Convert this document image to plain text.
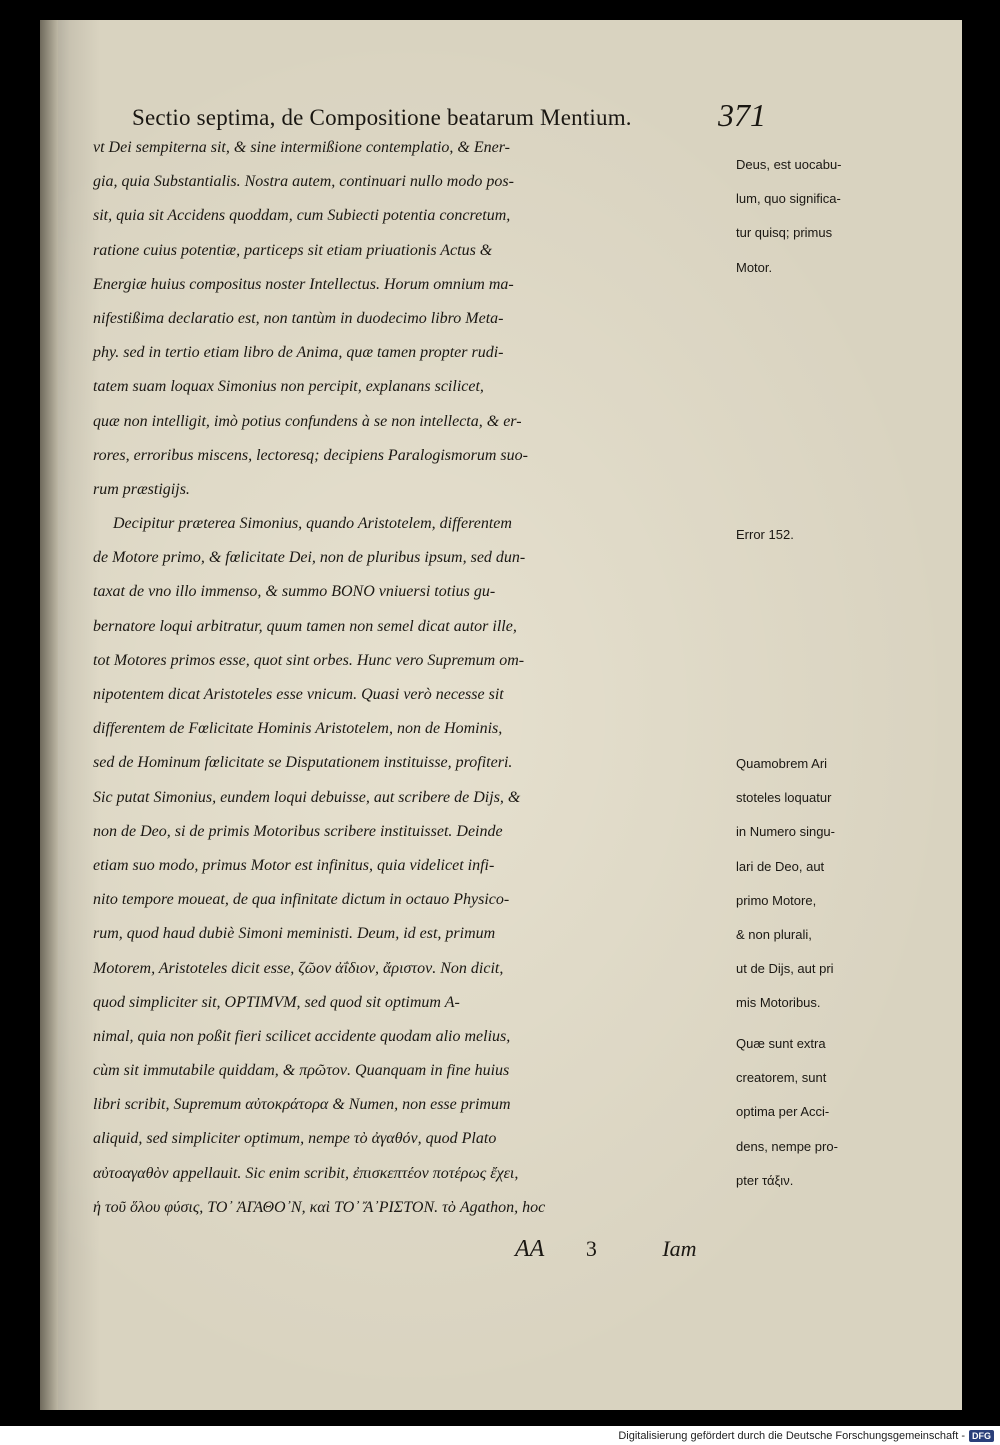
Sectio septima, de Compositione beatarum Mentium.	371
vt Dei sempiterna sit, & sine intermißione contemplatio, & Ener-
gia, quia Substantialis. Nostra autem, continuari nullo modo pos-
sit, quia sit Accidens quoddam, cum Subiecti potentia concretum,
ratione cuius potentiæ, particeps sit etiam priuationis Actus &
Energiæ huius compositus noster Intellectus. Horum omnium ma-
nifestißima declaratio est, non tantùm in duodecimo libro Meta-
phy. sed in tertio etiam libro de Anima, quæ tamen propter rudi-
tatem suam loquax Simonius non percipit, explanans scilicet,
quæ non intelligit, imò potius confundens à se non intellecta, & er-
rores, erroribus miscens, lectoresq; decipiens Paralogismorum suo-
rum præstigijs.
Decipitur præterea Simonius, quando Aristotelem, differentem
de Motore primo, & fœlicitate Dei, non de pluribus ipsum, sed dun-
taxat de vno illo immenso, & summo BONO vniuersi totius gu-
bernatore loqui arbitratur, quum tamen non semel dicat autor ille,
tot Motores primos esse, quot sint orbes. Hunc vero Supremum om-
nipotentem dicat Aristoteles esse vnicum. Quasi verò necesse sit
differentem de Fœlicitate Hominis Aristotelem, non de Hominis,
sed de Hominum fœlicitate se Disputationem instituisse, profiteri.
Sic putat Simonius, eundem loqui debuisse, aut scribere de Dijs, &
non de Deo, si de primis Motoribus scribere instituisset. Deinde
etiam suo modo, primus Motor est infinitus, quia videlicet infi-
nito tempore moueat, de qua infinitate dictum in octauo Physico-
rum, quod haud dubiè Simoni meministi. Deum, id est, primum
Motorem, Aristoteles dicit esse, ζῶον ἀΐδιον, ἄριστον. Non dicit,
quod simpliciter sit, OPTIMVM, sed quod sit optimum A-
nimal, quia non poßit fieri scilicet accidente quodam alio melius,
cùm sit immutabile quiddam, & πρῶτον. Quanquam in fine huius
libri scribit, Supremum αὐτοκράτορα & Numen, non esse primum
aliquid, sed simpliciter optimum, nempe τὸ ἀγαθόν, quod Plato
αὐτοαγαθὸν appellauit. Sic enim scribit, ἐπισκεπτέον ποτέρως ἔχει,
ἡ τοῦ ὅλου φύσις, ΤΟ᾽ ἈΓΑΘΟ᾽Ν, καὶ ΤΟ᾽ Ἄ᾽ΡΙΣΤΟΝ. τὸ Agathon, hoc
Deus, est uocabu-
lum, quo significa-
tur quisq; primus
Motor.
Error 152.
Quamobrem Ari
stoteles loquatur
in Numero singu-
lari de Deo, aut
primo Motore,
& non plurali,
ut de Dijs, aut pri
mis Motoribus.
Quæ sunt extra
creatorem, sunt
optima per Acci-
dens, nempe pro-
pter τάξιν.
AA 3	Iam
Digitalisierung gefördert durch die Deutsche Forschungsgemeinschaft - DFG
